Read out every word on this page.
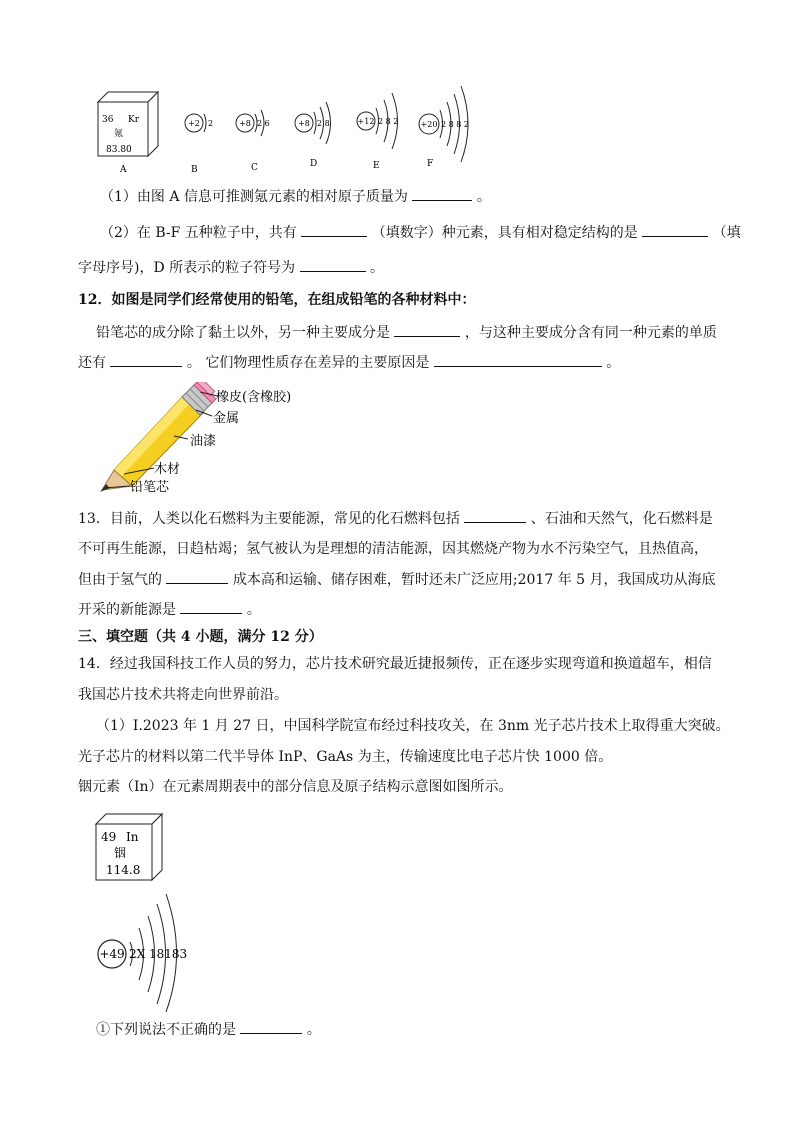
36 Kr
氪
83.80
A
+2 2
B
+8 2 6
C
+8 2 8
D
+12 2 8 2
E
+20 2 8 8 2
F
（1）由图 A 信息可推测氪元素的相对原子质量为	。
（2）在 B-F 五种粒子中，共有	（填数字）种元素，具有相对稳定结构的是	（填
字母序号)，D 所表示的粒子符号为	。
12．如图是同学们经常使用的铅笔，在组成铅笔的各种材料中：
铅笔芯的成分除了黏土以外，另一种主要成分是	，与这种主要成分含有同一种元素的单质
还有	。 它们物理性质存在差异的主要原因是	。
橡皮(含橡胶)
金属
油漆
木材
铅笔芯
13．目前，人类以化石燃料为主要能源，常见的化石燃料包括	、石油和天然气，化石燃料是
不可再生能源，日趋枯竭；氢气被认为是理想的清洁能源，因其燃烧产物为水不污染空气，且热值高，
但由于氢气的	成本高和运输、储存困难，暂时还未广泛应用;2017 年 5 月，我国成功从海底
开采的新能源是	。
三、填空题（共 4 小题，满分 12 分）
14．经过我国科技工作人员的努力，芯片技术研究最近捷报频传，正在逐步实现弯道和换道超车，相信
我国芯片技术共将走向世界前沿。
（1）Ⅰ.2023 年 1 月 27 日，中国科学院宣布经过科技攻关，在 3nm 光子芯片技术上取得重大突破。
光子芯片的材料以第二代半导体 InP、GaAs 为主，传输速度比电子芯片快 1000 倍。
铟元素（In）在元素周期表中的部分信息及原子结构示意图如图所示。
49 In
铟
114.8
+49 2X 18183
①下列说法不正确的是	。
